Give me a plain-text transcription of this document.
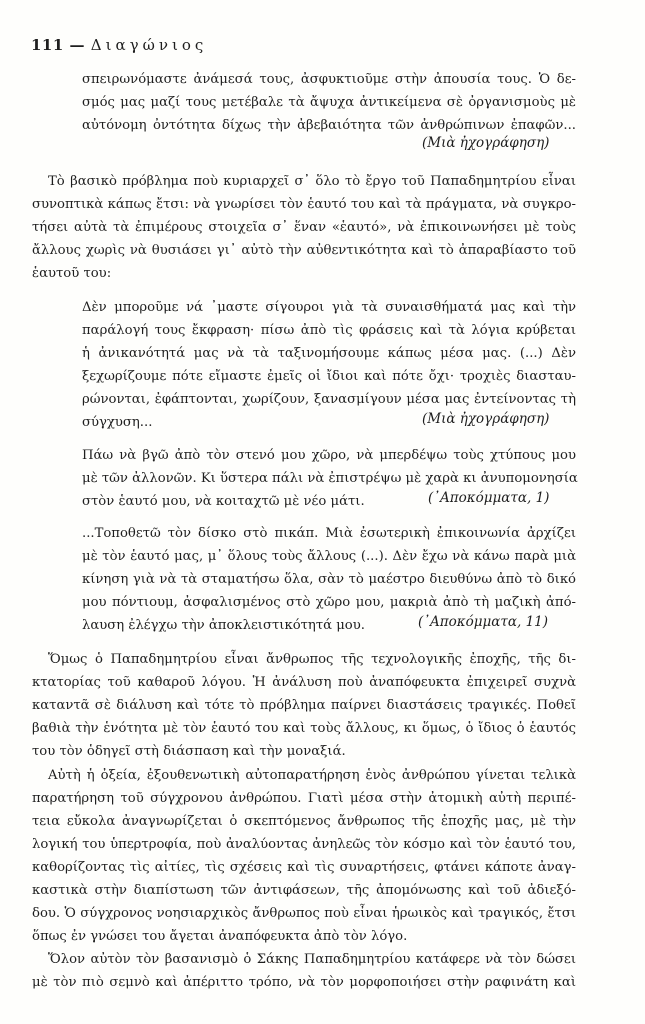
111 — Διαγώνιος
σπειρωνόμαστε ἀνάμεσά τους, ἀσφυκτιοῦμε στὴν ἀπουσία τους. Ὁ δε-
σμός μας μαζί τους μετέβαλε τὰ ἄψυχα ἀντικείμενα σὲ ὀργανισμοὺς μὲ
αὐτόνομη ὀντότητα δίχως τὴν ἀβεβαιότητα τῶν ἀνθρώπινων ἐπαφῶν...
(Μιὰ ἠχογράφηση)
Τὸ βασικὸ πρόβλημα ποὺ κυριαρχεῖ σ᾽ ὅλο τὸ ἔργο τοῦ Παπαδημητρίου εἶναι
συνοπτικὰ κάπως ἔτσι: νὰ γνωρίσει τὸν ἑαυτό του καὶ τὰ πράγματα, νὰ συγκρο-
τήσει αὐτὰ τὰ ἐπιμέρους στοιχεῖα σ᾽ ἕναν «ἑαυτό», νὰ ἐπικοινωνήσει μὲ τοὺς
ἄλλους χωρὶς νὰ θυσιάσει γι᾽ αὐτὸ τὴν αὐθεντικότητα καὶ τὸ ἀπαραβίαστο τοῦ
ἑαυτοῦ του:
Δὲν μποροῦμε νά ᾽μαστε σίγουροι γιὰ τὰ συναισθήματά μας καὶ τὴν
παράλογή τους ἔκφραση· πίσω ἀπὸ τὶς φράσεις καὶ τὰ λόγια κρύβεται
ἡ ἀνικανότητά μας νὰ τὰ ταξινομήσουμε κάπως μέσα μας. (...) Δὲν
ξεχωρίζουμε πότε εἴμαστε ἐμεῖς οἱ ἴδιοι καὶ πότε ὄχι· τροχιὲς διασταυ-
ρώνονται, ἐφάπτονται, χωρίζουν, ξανασμίγουν μέσα μας ἐντείνοντας τὴ
σύγχυση...	(Μιὰ ἠχογράφηση)
Πάω νὰ βγῶ ἀπὸ τὸν στενό μου χῶρο, νὰ μπερδέψω τοὺς χτύπους μου
μὲ τῶν ἀλλονῶν. Κι ὕστερα πάλι νὰ ἐπιστρέψω μὲ χαρὰ κι ἀνυπομονησία
στὸν ἑαυτό μου, νὰ κοιταχτῶ μὲ νέο μάτι.	(᾽Αποκόμματα, 1)
...Τοποθετῶ τὸν δίσκο στὸ πικάπ. Μιὰ ἐσωτερικὴ ἐπικοινωνία ἀρχίζει
μὲ τὸν ἑαυτό μας, μ᾽ ὅλους τοὺς ἄλλους (...). Δὲν ἔχω νὰ κάνω παρὰ μιὰ
κίνηση γιὰ νὰ τὰ σταματήσω ὅλα, σὰν τὸ μαέστρο διευθύνω ἀπὸ τὸ δικό
μου πόντιουμ, ἀσφαλισμένος στὸ χῶρο μου, μακριὰ ἀπὸ τὴ μαζικὴ ἀπό-
λαυση ἐλέγχω τὴν ἀποκλειστικότητά μου.	(᾽Αποκόμματα, 11)
Ὅμως ὁ Παπαδημητρίου εἶναι ἄνθρωπος τῆς τεχνολογικῆς ἐποχῆς, τῆς δι-
κτατορίας τοῦ καθαροῦ λόγου. Ἡ ἀνάλυση ποὺ ἀναπόφευκτα ἐπιχειρεῖ συχνὰ
καταντᾶ σὲ διάλυση καὶ τότε τὸ πρόβλημα παίρνει διαστάσεις τραγικές. Ποθεῖ
βαθιὰ τὴν ἑνότητα μὲ τὸν ἑαυτό του καὶ τοὺς ἄλλους, κι ὅμως, ὁ ἴδιος ὁ ἑαυτός
του τὸν ὁδηγεῖ στὴ διάσπαση καὶ τὴν μοναξιά.
Αὐτὴ ἡ ὀξεία, ἐξουθενωτικὴ αὐτοπαρατήρηση ἑνὸς ἀνθρώπου γίνεται τελικὰ
παρατήρηση τοῦ σύγχρονου ἀνθρώπου. Γιατὶ μέσα στὴν ἀτομικὴ αὐτὴ περιπέ-
τεια εὔκολα ἀναγνωρίζεται ὁ σκεπτόμενος ἄνθρωπος τῆς ἐποχῆς μας, μὲ τὴν
λογική του ὑπερτροφία, ποὺ ἀναλύοντας ἀνηλεῶς τὸν κόσμο καὶ τὸν ἑαυτό του,
καθορίζοντας τὶς αἰτίες, τὶς σχέσεις καὶ τὶς συναρτήσεις, φτάνει κάποτε ἀναγ-
καστικὰ στὴν διαπίστωση τῶν ἀντιφάσεων, τῆς ἀπομόνωσης καὶ τοῦ ἀδιεξό-
δου. Ὁ σύγχρονος νοησιαρχικὸς ἄνθρωπος ποὺ εἶναι ἡρωικὸς καὶ τραγικός, ἔτσι
ὅπως ἐν γνώσει του ἄγεται ἀναπόφευκτα ἀπὸ τὸν λόγο.
Ὅλον αὐτὸν τὸν βασανισμὸ ὁ Σάκης Παπαδημητρίου κατάφερε νὰ τὸν δώσει
μὲ τὸν πιὸ σεμνὸ καὶ ἀπέριττο τρόπο, νὰ τὸν μορφοποιήσει στὴν ραφινάτη καὶ
